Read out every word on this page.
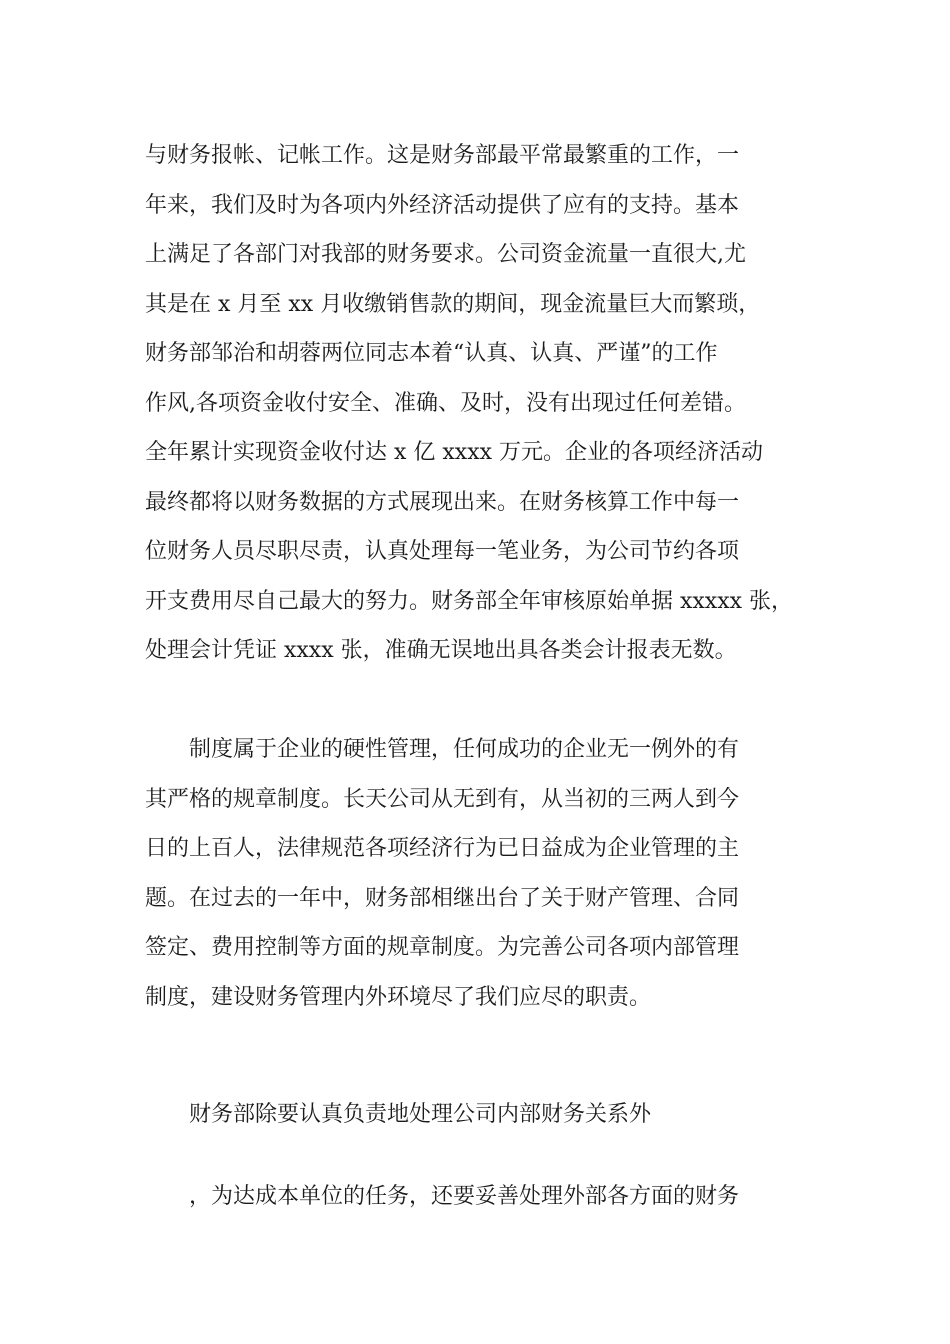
与财务报帐、记帐工作。这是财务部最平常最繁重的工作，一
年来，我们及时为各项内外经济活动提供了应有的支持。基本
上满足了各部门对我部的财务要求。公司资金流量一直很大,尤
其是在 x 月至 xx 月收缴销售款的期间，现金流量巨大而繁琐，
财务部邹治和胡蓉两位同志本着“认真、认真、严谨”的工作
作风,各项资金收付安全、准确、及时，没有出现过任何差错。
全年累计实现资金收付达 x 亿 xxxx 万元。企业的各项经济活动
最终都将以财务数据的方式展现出来。在财务核算工作中每一
位财务人员尽职尽责，认真处理每一笔业务，为公司节约各项
开支费用尽自己最大的努力。财务部全年审核原始单据 xxxxx 张，
处理会计凭证 xxxx 张，准确无误地出具各类会计报表无数。
　　制度属于企业的硬性管理，任何成功的企业无一例外的有
其严格的规章制度。长天公司从无到有，从当初的三两人到今
日的上百人，法律规范各项经济行为已日益成为企业管理的主
题。在过去的一年中，财务部相继出台了关于财产管理、合同
签定、费用控制等方面的规章制度。为完善公司各项内部管理
制度，建设财务管理内外环境尽了我们应尽的职责。
　　财务部除要认真负责地处理公司内部财务关系外
　　，为达成本单位的任务，还要妥善处理外部各方面的财务
